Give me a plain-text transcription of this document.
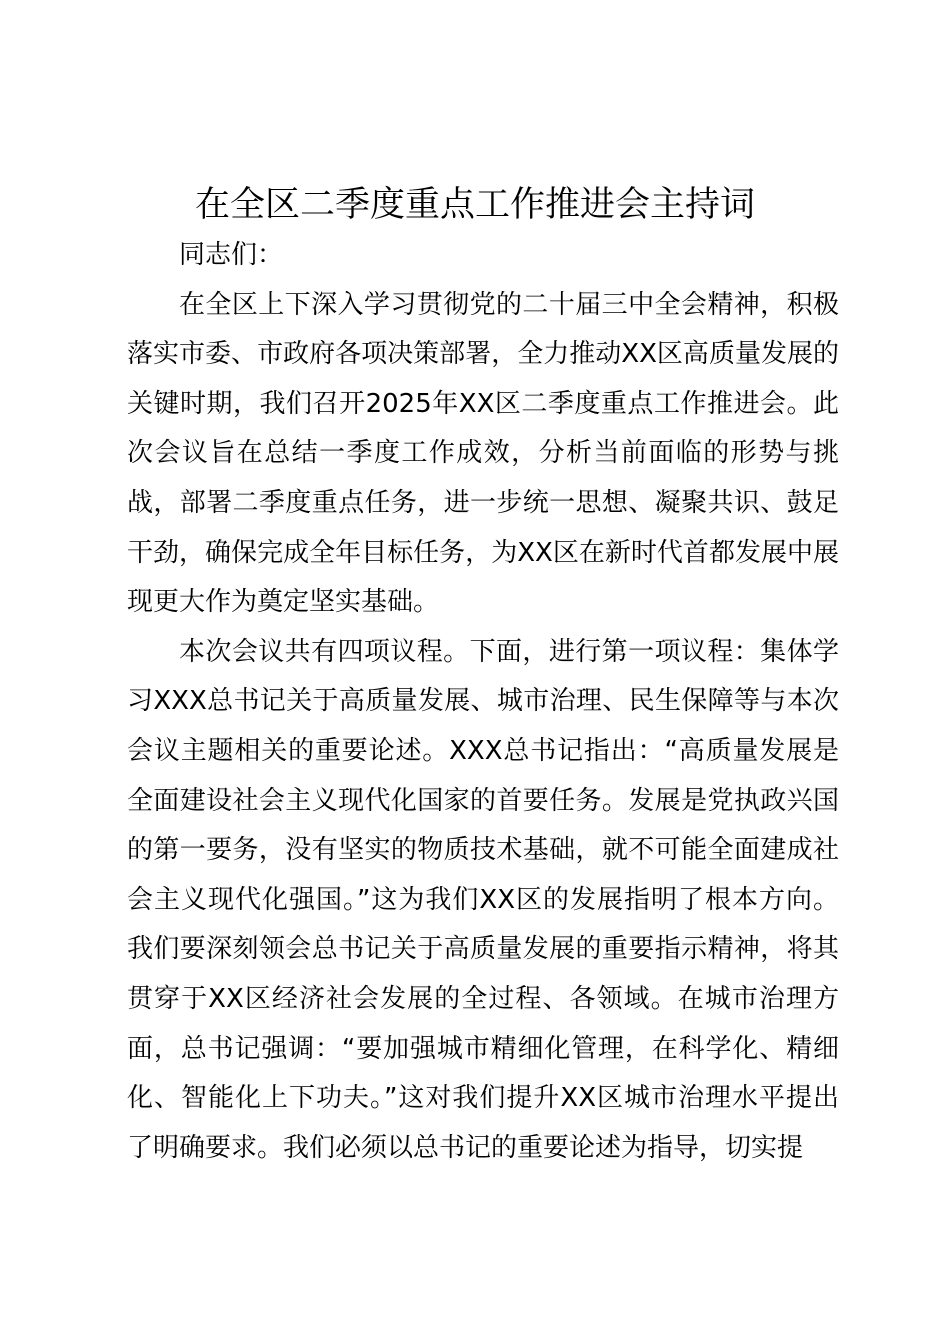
在全区二季度重点工作推进会主持词

同志们：

在全区上下深入学习贯彻党的二十届三中全会精神，积极落实市委、市政府各项决策部署，全力推动XX区高质量发展的关键时期，我们召开2025年XX区二季度重点工作推进会。此次会议旨在总结一季度工作成效，分析当前面临的形势与挑战，部署二季度重点任务，进一步统一思想、凝聚共识、鼓足干劲，确保完成全年目标任务，为XX区在新时代首都发展中展现更大作为奠定坚实基础。

本次会议共有四项议程。下面，进行第一项议程：集体学习XXX总书记关于高质量发展、城市治理、民生保障等与本次会议主题相关的重要论述。XXX总书记指出：“高质量发展是全面建设社会主义现代化国家的首要任务。发展是党执政兴国的第一要务，没有坚实的物质技术基础，就不可能全面建成社会主义现代化强国。”这为我们XX区的发展指明了根本方向。我们要深刻领会总书记关于高质量发展的重要指示精神，将其贯穿于XX区经济社会发展的全过程、各领域。在城市治理方面，总书记强调：“要加强城市精细化管理，在科学化、精细化、智能化上下功夫。”这对我们提升XX区城市治理水平提出了明确要求。我们必须以总书记的重要论述为指导，切实提
